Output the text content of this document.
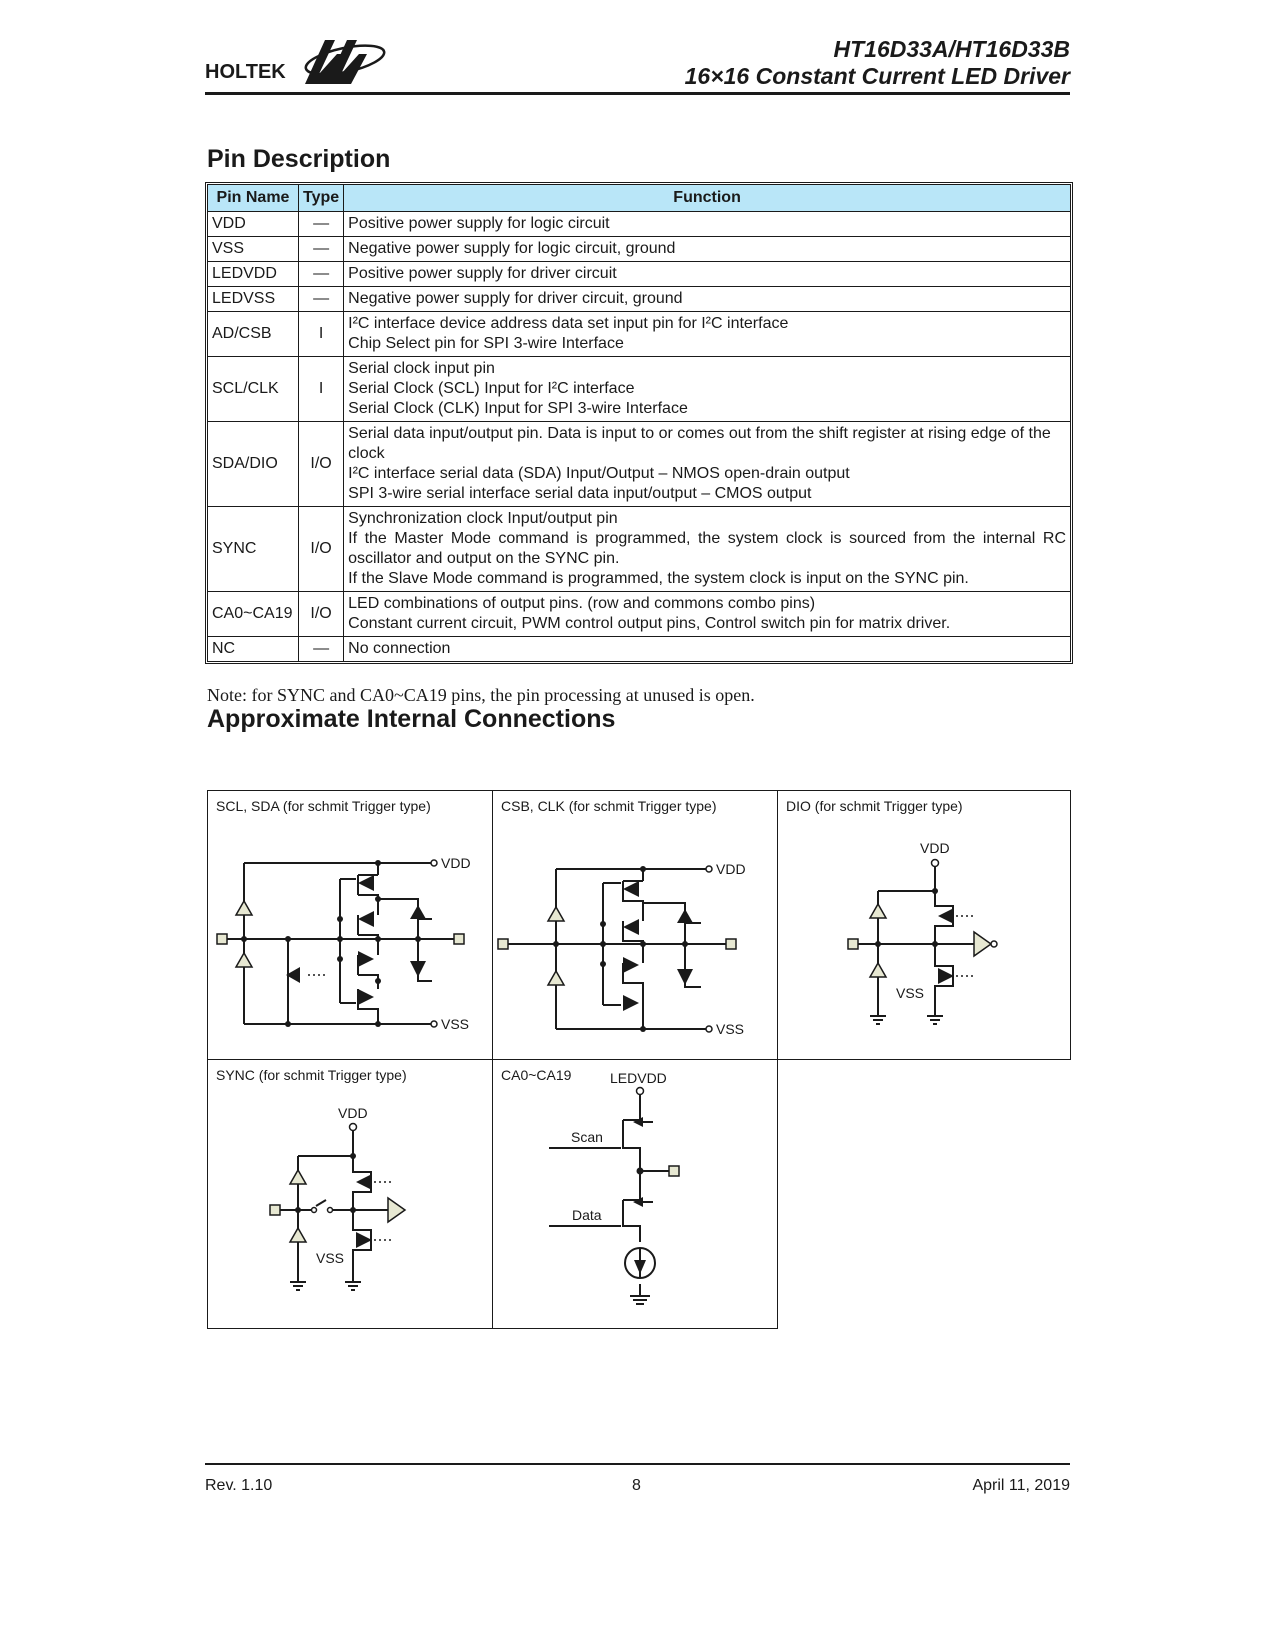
HOLTEK
HT16D33A/HT16D33B
16×16 Constant Current LED Driver
Pin Description
Pin Name	Type	Function
VDD	—	Positive power supply for logic circuit

VSS	—	Negative power supply for logic circuit, ground

LEDVDD	—	Positive power supply for driver circuit

LEDVSS	—	Negative power supply for driver circuit, ground

AD/CSB	I	I²C interface device address data set input pin for I²C interface
Chip Select pin for SPI 3-wire Interface

SCL/CLK	I	Serial clock input pin
Serial Clock (SCL) Input for I²C interface
Serial Clock (CLK) Input for SPI 3-wire Interface

SDA/DIO	I/O	Serial data input/output pin. Data is input to or comes out from the shift register at rising edge of the clock
I²C interface serial data (SDA) Input/Output – NMOS open-drain output
SPI 3-wire serial interface serial data input/output – CMOS output

SYNC	I/O	Synchronization clock Input/output pin
If the Master Mode command is programmed, the system clock is sourced from the internal RC oscillator and output on the SYNC pin.
If the Slave Mode command is programmed, the system clock is input on the SYNC pin.

CA0~CA19	I/O	LED combinations of output pins. (row and commons combo pins)
Constant current circuit, PWM control output pins, Control switch pin for matrix driver.

NC	—	No connection
Note: for SYNC and CA0~CA19 pins, the pin processing at unused is open.
Approximate Internal Connections
SCL, SDA (for schmit Trigger type)
VDD
VSS
CSB, CLK (for schmit Trigger type)
VDD
VSS
DIO (for schmit Trigger type)
VDD
VSS
SYNC (for schmit Trigger type)
VDD
VSS
CA0~CA19	LEDVDD
Scan
Data
Rev. 1.10	8	April 11, 2019
